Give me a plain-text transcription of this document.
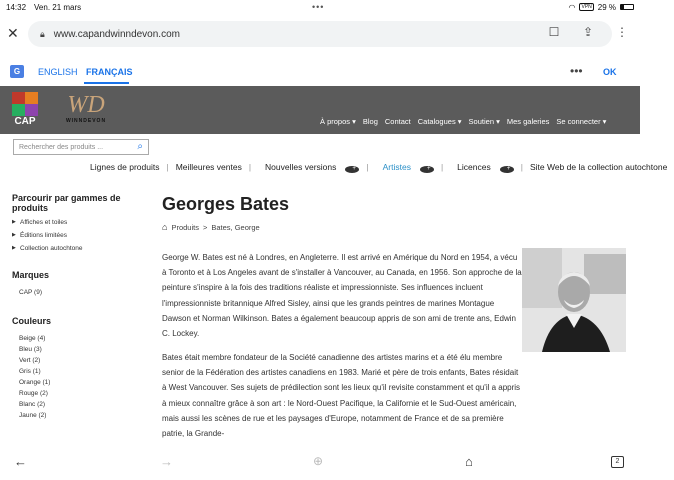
14:32 Ven. 21 mars	•••	◠	VPN 29 %
✕ 🔒︎ www.capandwinndevon.com	☐ ⇪ ⋮
G	ENGLISH FRANÇAIS	••• OK
CAP
WD
WINNDEVON	À propos ▾ Blog Contact Catalogues ▾ Soutien ▾ Mes galeries Se connecter ▾
Rechercher des produits ...	⌕
Lignes de produits | Meilleures ventes |	Nouvelles versions	+	|	Artistes	+	|	Licences	+	| Site Web de la collection autochtone
Parcourir par gammes de produits
▶ Affiches et toiles
▶ Éditions limitées
▶ Collection autochtone
Marques
CAP (9)
Couleurs
Beige (4)
Bleu (3)
Vert (2)
Gris (1)
Orange (1)
Rouge (2)
Blanc (2)
Jaune (2)
Georges Bates
⌂ Produits > Bates, George

George W. Bates est né à Londres, en Angleterre. Il est arrivé en Amérique du Nord en 1954, a vécu à Toronto et à Los Angeles avant de s'installer à Vancouver, au Canada, en 1956. Son approche de la peinture s'inspire à la fois des traditions réaliste et impressionniste. Ses influences incluent l'impressionniste britannique Alfred Sisley, ainsi que les grands peintres de marines Montague Dawson et Norman Wilkinson. Bates a également beaucoup appris de son ami de trente ans, Edwin C. Lockey.

Bates était membre fondateur de la Société canadienne des artistes marins et a été élu membre senior de la Fédération des artistes canadiens en 1983. Marié et père de trois enfants, Bates résidait à West Vancouver. Ses sujets de prédilection sont les lieux qu'il revisite constamment et qu'il a appris à mieux connaître grâce à son art : le Nord-Ouest Pacifique, la Californie et le Sud-Ouest américain, mais aussi les scènes de rue et les paysages d'Europe, notamment de France et de sa première patrie, la Grande-

←	→	⊕	⌂	2
